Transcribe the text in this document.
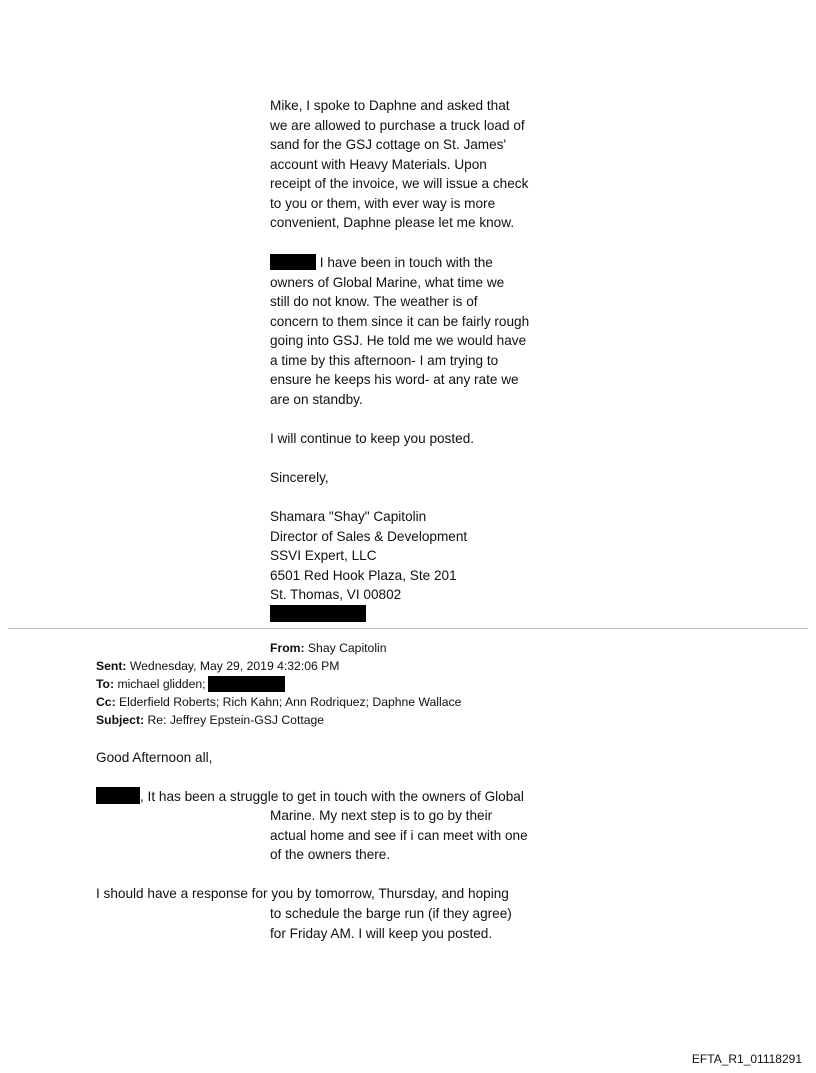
Mike, I spoke to Daphne and asked that

we are allowed to purchase a truck load of

sand for the GSJ cottage on St. James'

account with Heavy Materials. Upon

receipt of the invoice, we will issue a check

to you or them, with ever way is more

convenient, Daphne please let me know.

I have been in touch with the

owners of Global Marine, what time we

still do not know. The weather is of

concern to them since it can be fairly rough

going into GSJ. He told me we would have

a time by this afternoon- I am trying to

ensure he keeps his word- at any rate we

are on standby.

I will continue to keep you posted.

Sincerely,

Shamara "Shay" Capitolin

Director of Sales & Development

SSVI Expert, LLC

6501 Red Hook Plaza, Ste 201

St. Thomas, VI 00802

From: Shay Capitolin
Sent: Wednesday, May 29, 2019 4:32:06 PM
To: michael glidden;
Cc: Elderfield Roberts; Rich Kahn; Ann Rodriquez; Daphne Wallace
Subject: Re: Jeffrey Epstein-GSJ Cottage
Good Afternoon all,
, It has been a struggle to get in touch with the owners of Global

Marine. My next step is to go by their

actual home and see if i can meet with one

of the owners there.

I should have a response for you by tomorrow, Thursday, and hoping

to schedule the barge run (if they agree)

for Friday AM. I will keep you posted.

EFTA_R1_01118291
